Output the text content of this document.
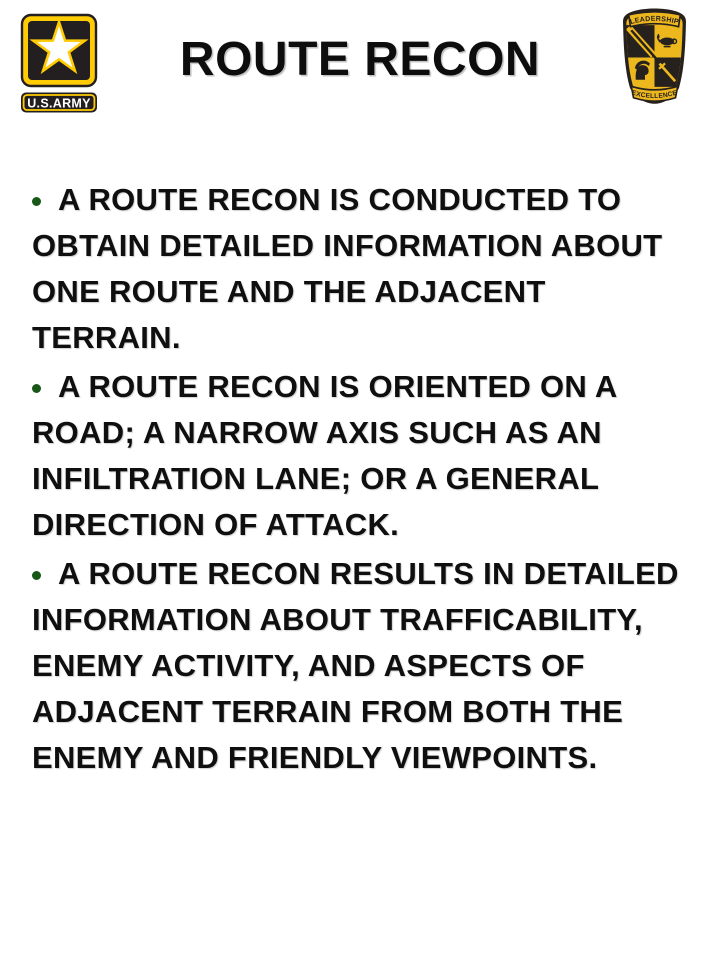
U.S.ARMY
ROUTE RECON
LEADERSHIP
EXCELLENCE

A ROUTE RECON IS CONDUCTED TO
OBTAIN DETAILED INFORMATION ABOUT
ONE ROUTE AND THE ADJACENT
TERRAIN.

A ROUTE RECON IS ORIENTED ON A
ROAD; A NARROW AXIS SUCH AS AN
INFILTRATION LANE; OR A GENERAL
DIRECTION OF ATTACK.

A ROUTE RECON RESULTS IN DETAILED
INFORMATION ABOUT TRAFFICABILITY,
ENEMY ACTIVITY, AND ASPECTS OF
ADJACENT TERRAIN FROM BOTH THE
ENEMY AND FRIENDLY VIEWPOINTS.
